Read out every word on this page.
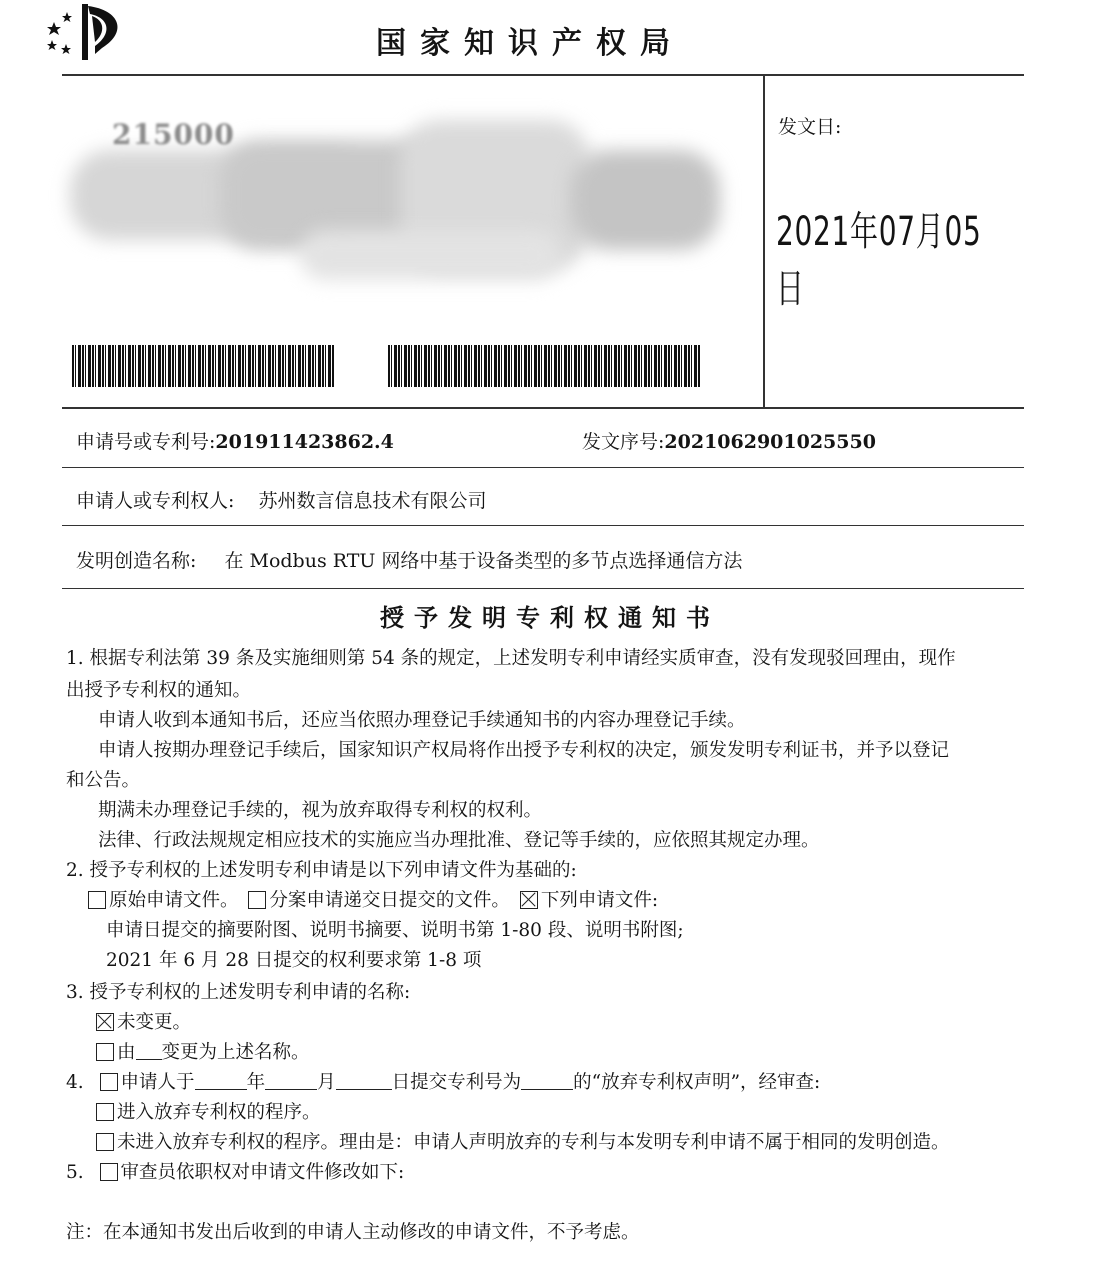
国家知识产权局
215000	发文日:
2021年07月05日
申请号或专利号:201911423862.4	发文序号:2021062901025550
申请人或专利权人: 苏州数言信息技术有限公司
发明创造名称: 在 Modbus RTU 网络中基于设备类型的多节点选择通信方法
授予发明专利权通知书
1. 根据专利法第 39 条及实施细则第 54 条的规定，上述发明专利申请经实质审查，没有发现驳回理由，现作
出授予专利权的通知。
申请人收到本通知书后，还应当依照办理登记手续通知书的内容办理登记手续。
申请人按期办理登记手续后，国家知识产权局将作出授予专利权的决定，颁发发明专利证书，并予以登记
和公告。
期满未办理登记手续的，视为放弃取得专利权的权利。
法律、行政法规规定相应技术的实施应当办理批准、登记等手续的，应依照其规定办理。
2. 授予专利权的上述发明专利申请是以下列申请文件为基础的:
原始申请文件。 分案申请递交日提交的文件。 下列申请文件:
申请日提交的摘要附图、说明书摘要、说明书第 1-80 段、说明书附图;
2021 年 6 月 28 日提交的权利要求第 1-8 项
3. 授予专利权的上述发明专利申请的名称:
未变更。
由 变更为上述名称。
4. 申请人于	年	月	日提交专利号为	的“放弃专利权声明”，经审查:
进入放弃专利权的程序。
未进入放弃专利权的程序。理由是：申请人声明放弃的专利与本发明专利申请不属于相同的发明创造。
5. 审查员依职权对申请文件修改如下:
注：在本通知书发出后收到的申请人主动修改的申请文件，不予考虑。
